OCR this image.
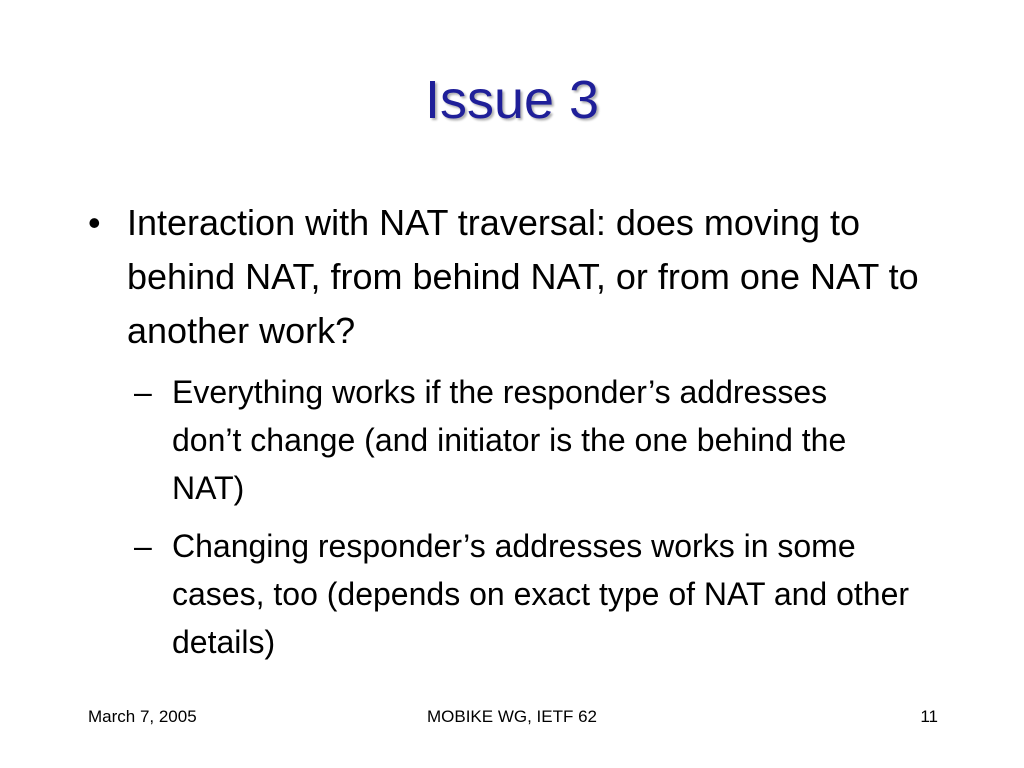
Issue 3
• Interaction with NAT traversal: does moving to behind NAT, from behind NAT, or from one NAT to another work?
– Everything works if the responder’s addresses don’t change (and initiator is the one behind the NAT)
– Changing responder’s addresses works in some cases, too (depends on exact type of NAT and other details)
March 7, 2005	MOBIKE WG, IETF 62	11
